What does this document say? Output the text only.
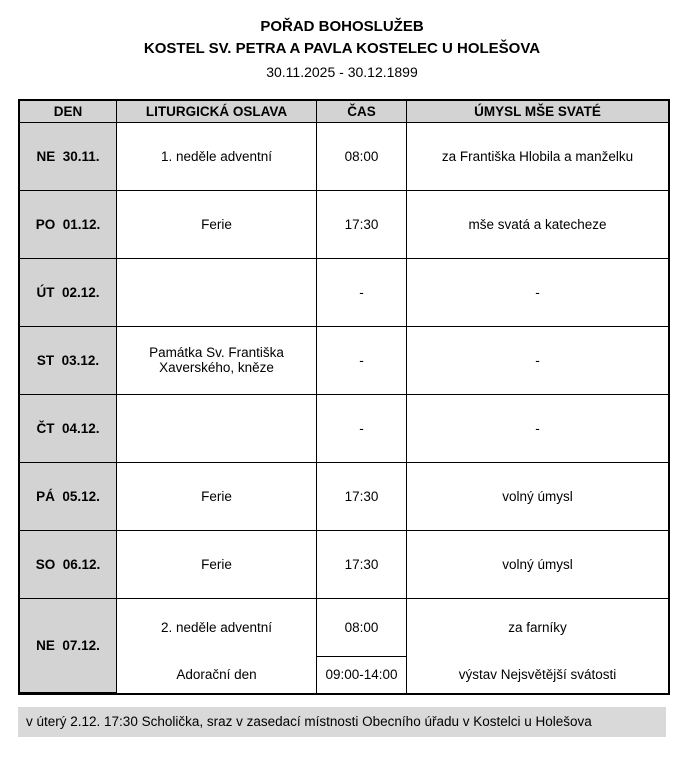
POŘAD BOHOSLUŽEB
KOSTEL SV. PETRA A PAVLA KOSTELEC U HOLEŠOVA
30.11.2025 - 30.12.1899
DEN	LITURGICKÁ OSLAVA	ČAS	ÚMYSL MŠE SVATÉ
NE  30.11.	1. neděle adventní	08:00	za Františka Hlobila a manželku
PO  01.12.	Ferie	17:30	mše svatá a katecheze
ÚT  02.12.		-	-
ST  03.12.	Památka Sv. Františka Xaverského, kněze	-	-
ČT  04.12.		-	-
PÁ  05.12.	Ferie	17:30	volný úmysl
SO  06.12.	Ferie	17:30	volný úmysl
NE  07.12.	2. neděle adventní	08:00	za farníky
	Adorační den	09:00-14:00	výstav Nejsvětější svátosti
v úterý 2.12. 17:30 Scholička, sraz v zasedací místnosti Obecního úřadu v Kostelci u Holešova
